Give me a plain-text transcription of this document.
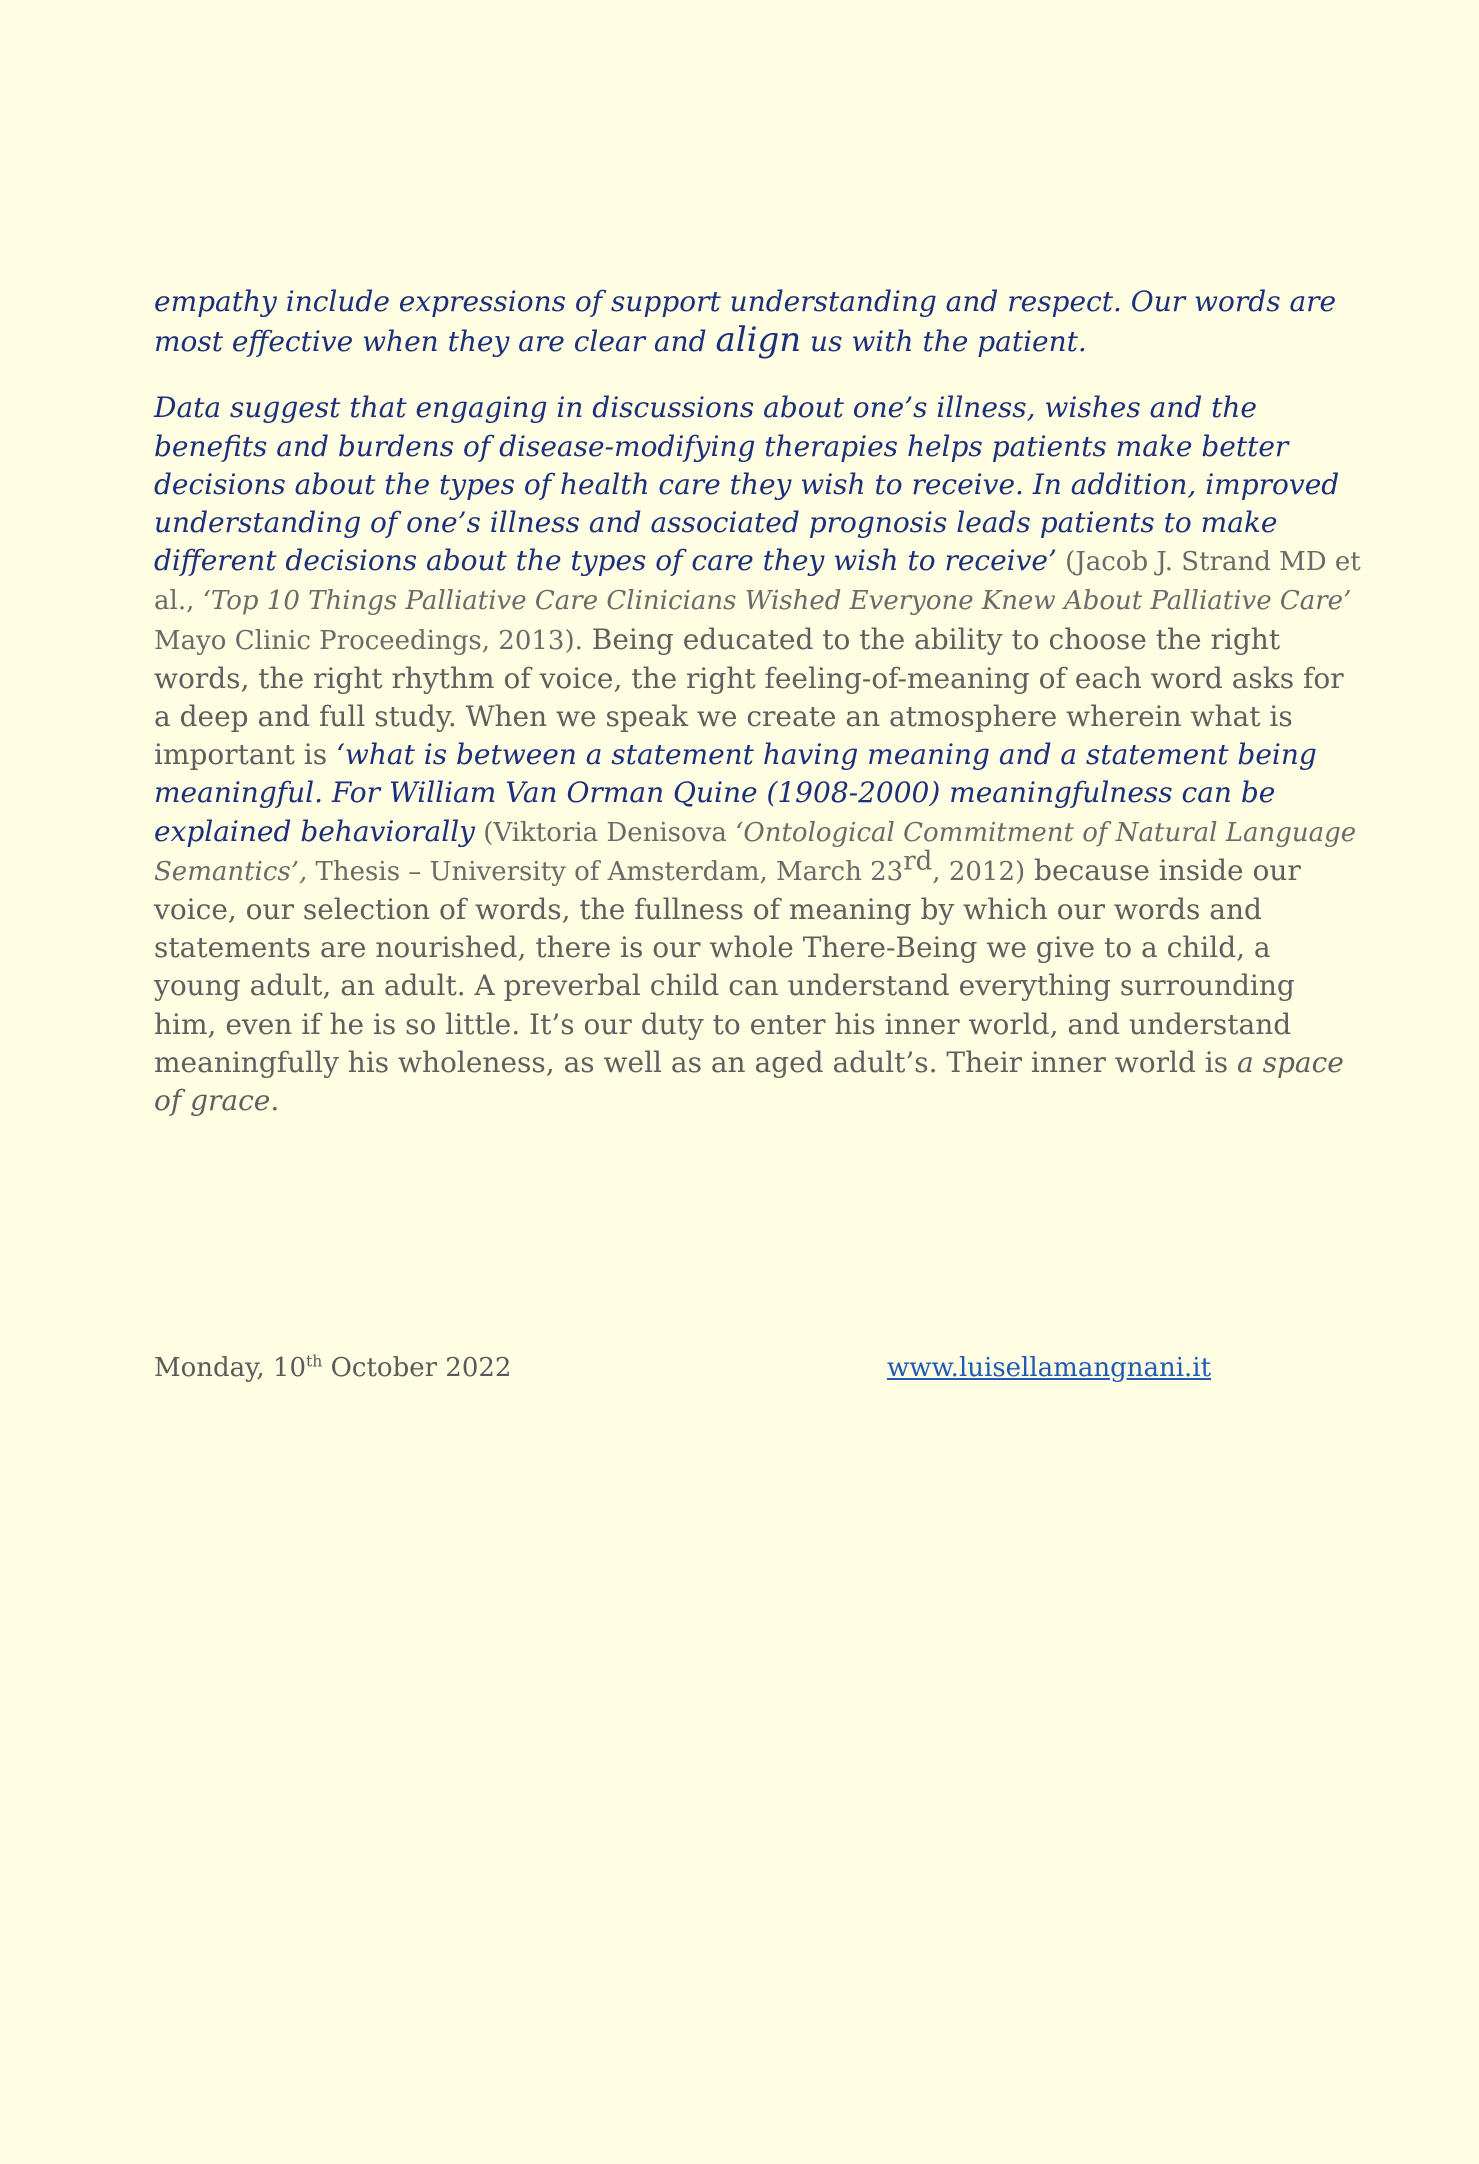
empathy include expressions of support understanding and respect. Our words are most effective when they are clear and align us with the patient.

Data suggest that engaging in discussions about one’s illness, wishes and the benefits and burdens of disease-modifying therapies helps patients make better decisions about the types of health care they wish to receive. In addition, improved understanding of one’s illness and associated prognosis leads patients to make different decisions about the types of care they wish to receive’ (Jacob J. Strand MD et al., ‘Top 10 Things Palliative Care Clinicians Wished Everyone Knew About Palliative Care’ Mayo Clinic Proceedings, 2013). Being educated to the ability to choose the right words, the right rhythm of voice, the right feeling-of-meaning of each word asks for a deep and full study. When we speak we create an atmosphere wherein what is important is ‘what is between a statement having meaning and a statement being meaningful. For William Van Orman Quine (1908-2000) meaningfulness can be explained behaviorally (Viktoria Denisova ‘Ontological Commitment of Natural Language Semantics’, Thesis – University of Amsterdam, March 23rd, 2012) because inside our voice, our selection of words, the fullness of meaning by which our words and statements are nourished, there is our whole There-Being we give to a child, a young adult, an adult. A preverbal child can understand everything surrounding him, even if he is so little. It’s our duty to enter his inner world, and understand meaningfully his wholeness, as well as an aged adult’s. Their inner world is a space of grace.

Monday, 10th October 2022	www.luisellamangnani.it
